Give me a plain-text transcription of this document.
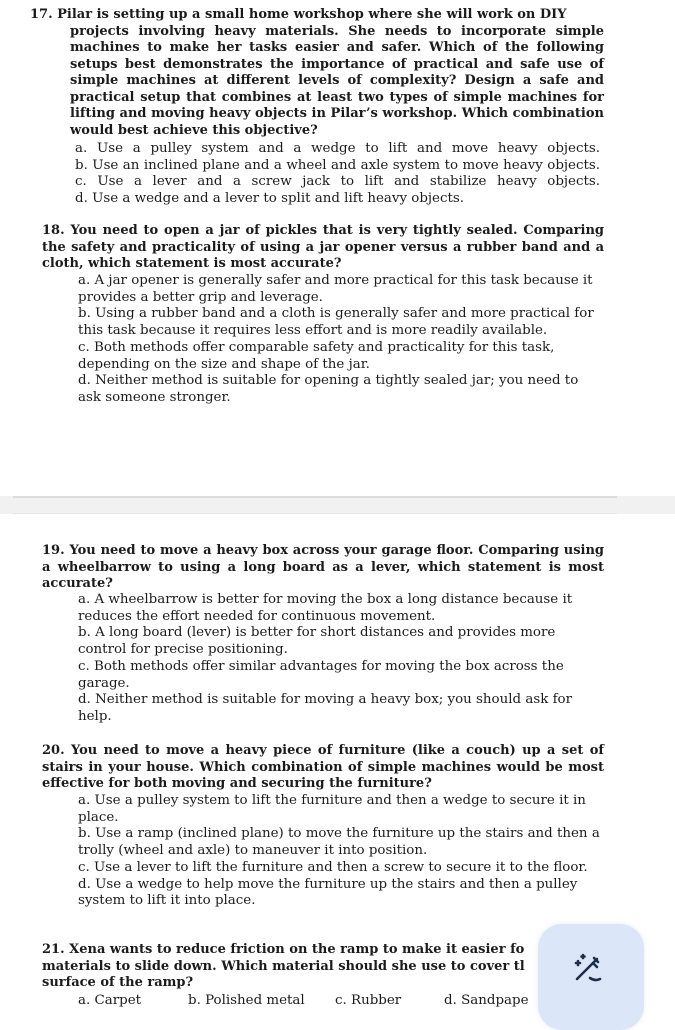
17. Pilar is setting up a small home workshop where she will work on DIY
projects involving heavy materials. She needs to incorporate simple machines to make her tasks easier and safer. Which of the following setups best demonstrates the importance of practical and safe use of simple machines at different levels of complexity? Design a safe and practical setup that combines at least two types of simple machines for lifting and moving heavy objects in Pilar’s workshop. Which combination would best achieve this objective?

a. Use a pulley system and a wedge to lift and move heavy objects.
b. Use an inclined plane and a wheel and axle system to move heavy objects.
c. Use a lever and a screw jack to lift and stabilize heavy objects.
d. Use a wedge and a lever to split and lift heavy objects.

18. You need to open a jar of pickles that is very tightly sealed. Comparing the safety and practicality of using a jar opener versus a rubber band and a cloth, which statement is most accurate?

a. A jar opener is generally safer and more practical for this task because it provides a better grip and leverage.
b. Using a rubber band and a cloth is generally safer and more practical for this task because it requires less effort and is more readily available.
c. Both methods offer comparable safety and practicality for this task, depending on the size and shape of the jar.
d. Neither method is suitable for opening a tightly sealed jar; you need to ask someone stronger.

19. You need to move a heavy box across your garage floor. Comparing using a wheelbarrow to using a long board as a lever, which statement is most accurate?

a. A wheelbarrow is better for moving the box a long distance because it reduces the effort needed for continuous movement.
b. A long board (lever) is better for short distances and provides more control for precise positioning.
c. Both methods offer similar advantages for moving the box across the garage.
d. Neither method is suitable for moving a heavy box; you should ask for help.

20. You need to move a heavy piece of furniture (like a couch) up a set of stairs in your house. Which combination of simple machines would be most effective for both moving and securing the furniture?

a. Use a pulley system to lift the furniture and then a wedge to secure it in place.
b. Use a ramp (inclined plane) to move the furniture up the stairs and then a trolly (wheel and axle) to maneuver it into position.
c. Use a lever to lift the furniture and then a screw to secure it to the floor.
d. Use a wedge to help move the furniture up the stairs and then a pulley system to lift it into place.
21. Xena wants to reduce friction on the ramp to make it easier fo
materials to slide down. Which material should she use to cover tl
surface of the ramp?
a. Carpet	b. Polished metal	c. Rubber	d. Sandpape
